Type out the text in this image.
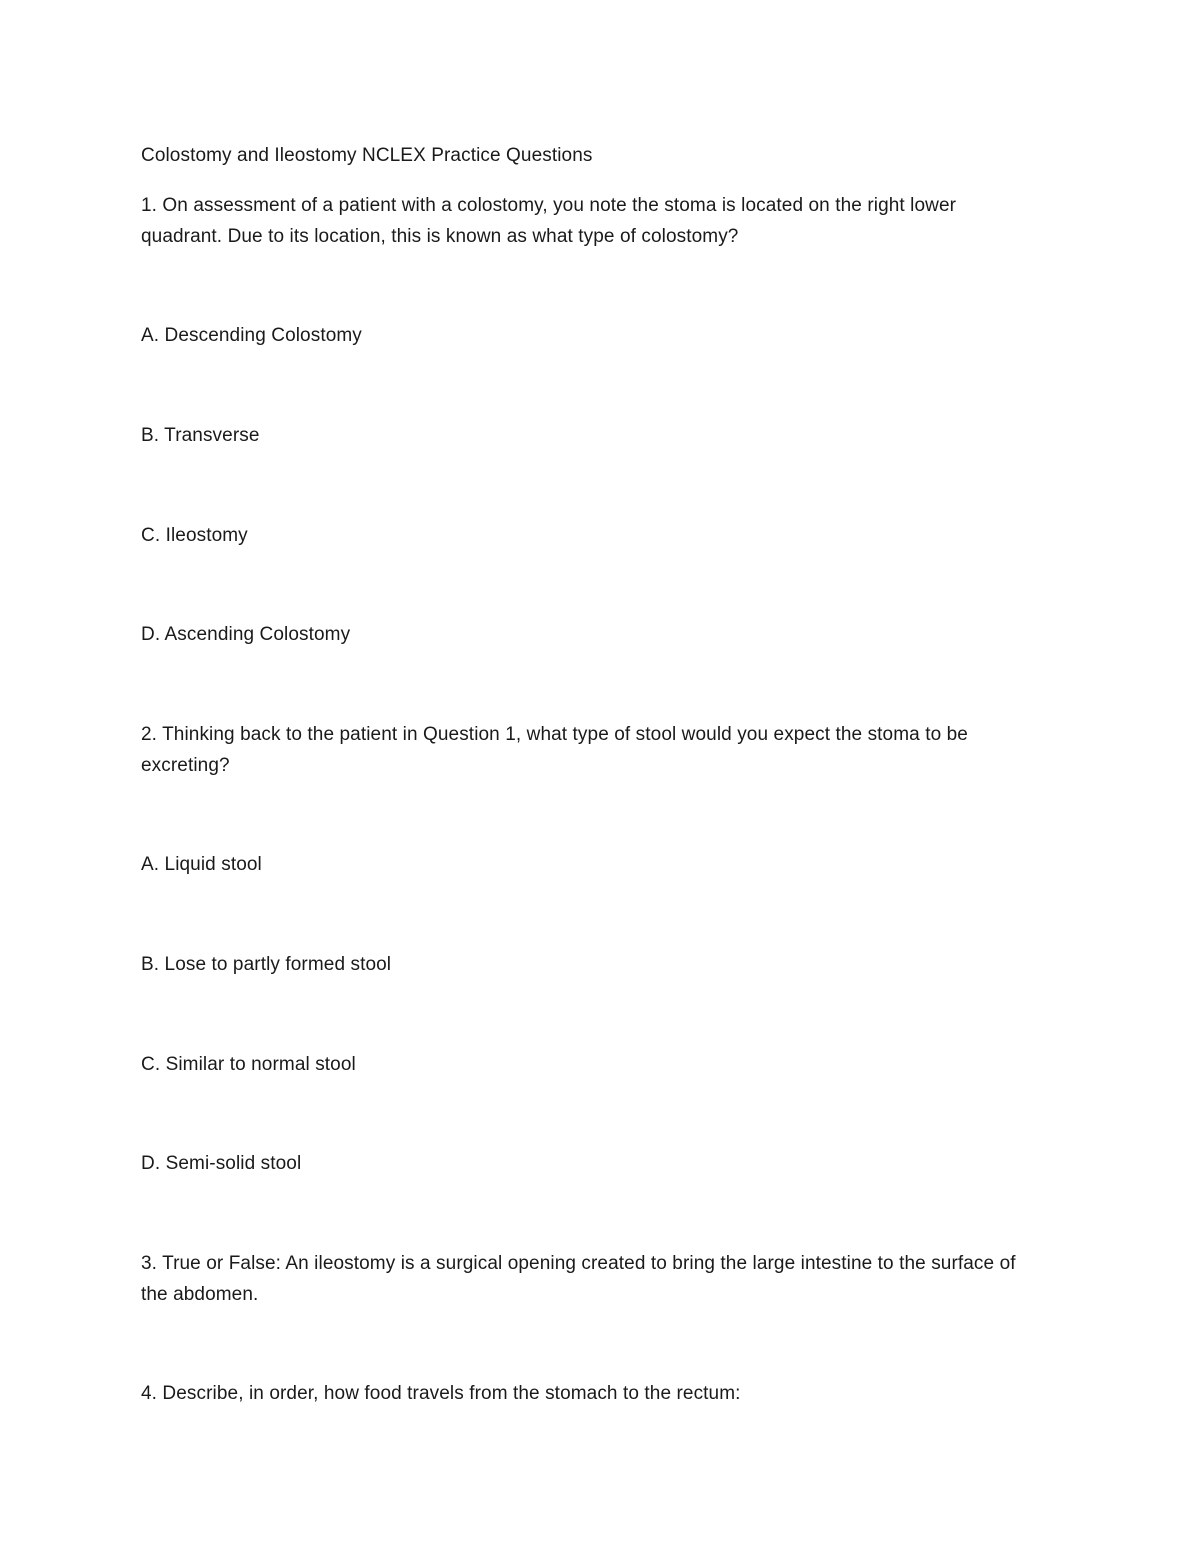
Colostomy and Ileostomy NCLEX Practice Questions
1. On assessment of a patient with a colostomy, you note the stoma is located on the right lower
quadrant. Due to its location, this is known as what type of colostomy?
A. Descending Colostomy
B. Transverse
C. Ileostomy
D. Ascending Colostomy
2. Thinking back to the patient in Question 1, what type of stool would you expect the stoma to be
excreting?
A. Liquid stool
B. Lose to partly formed stool
C. Similar to normal stool
D. Semi-solid stool
3. True or False: An ileostomy is a surgical opening created to bring the large intestine to the surface of
the abdomen.
4. Describe, in order, how food travels from the stomach to the rectum:
